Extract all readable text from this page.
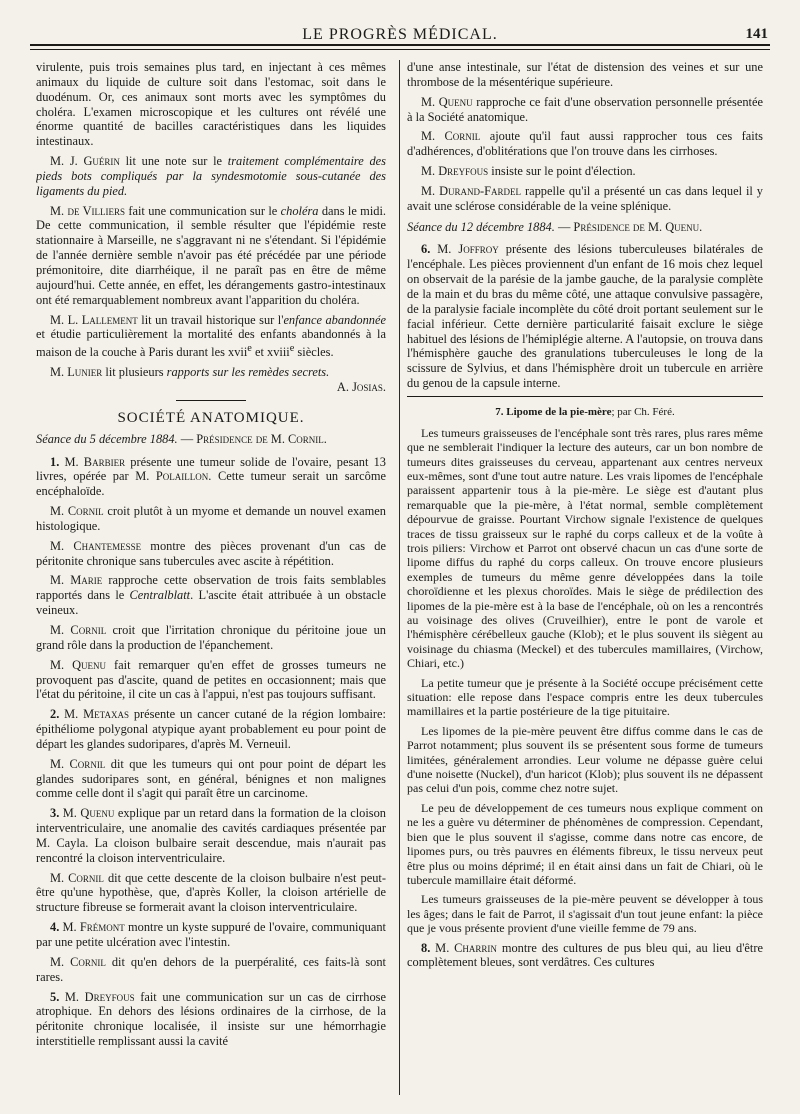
LE PROGRÈS MÉDICAL.	141

virulente, puis trois semaines plus tard, en injectant à ces mêmes animaux du liquide de culture soit dans l'estomac, soit dans le duodénum. Or, ces animaux sont morts avec les symptômes du choléra. L'examen microscopique et les cultures ont révélé une énorme quantité de bacilles caractéristiques dans les liquides intestinaux.

M. J. Guérin lit une note sur le traitement complémentaire des pieds bots compliqués par la syndesmotomie sous-cutanée des ligaments du pied.

M. de Villiers fait une communication sur le choléra dans le midi. De cette communication, il semble résulter que l'épidémie reste stationnaire à Marseille, ne s'aggravant ni ne s'étendant. Si l'épidémie de l'année dernière semble n'avoir pas été précédée par une période prémonitoire, dite diarrhéique, il ne paraît pas en être de même aujourd'hui. Cette année, en effet, les dérangements gastro-intestinaux ont été remarquablement nombreux avant l'apparition du choléra.

M. L. Lallement lit un travail historique sur l'enfance abandonnée et étudie particulièrement la mortalité des enfants abandonnés à la maison de la couche à Paris durant les xvii$^e$ et xviii$^e$ siècles.

M. Lunier lit plusieurs rapports sur les remèdes secrets.

A. Josias.
SOCIÉTÉ ANATOMIQUE.

Séance du 5 décembre 1884. — Présidence de M. Cornil.

1. M. Barbier présente une tumeur solide de l'ovaire, pesant 13 livres, opérée par M. Polaillon. Cette tumeur serait un sarcôme encéphaloïde.

M. Cornil croit plutôt à un myome et demande un nouvel examen histologique.

M. Chantemesse montre des pièces provenant d'un cas de péritonite chronique sans tubercules avec ascite à répétition.

M. Marie rapproche cette observation de trois faits semblables rapportés dans le Centralblatt. L'ascite était attribuée à un obstacle veineux.

M. Cornil croit que l'irritation chronique du péritoine joue un grand rôle dans la production de l'épanchement.

M. Quenu fait remarquer qu'en effet de grosses tumeurs ne provoquent pas d'ascite, quand de petites en occasionnent; mais que l'état du péritoine, il cite un cas à l'appui, n'est pas toujours suffisant.

2. M. Metaxas présente un cancer cutané de la région lombaire: épithéliome polygonal atypique ayant probablement eu pour point de départ les glandes sudoripares, d'après M. Verneuil.

M. Cornil dit que les tumeurs qui ont pour point de départ les glandes sudoripares sont, en général, bénignes et non malignes comme celle dont il s'agit qui paraît être un carcinome.

3. M. Quenu explique par un retard dans la formation de la cloison interventriculaire, une anomalie des cavités cardiaques présentée par M. Cayla. La cloison bulbaire serait descendue, mais n'aurait pas rencontré la cloison interventriculaire.

M. Cornil dit que cette descente de la cloison bulbaire n'est peut-être qu'une hypothèse, que, d'après Koller, la cloison artérielle de structure fibreuse se formerait avant la cloison interventriculaire.

4. M. Frémont montre un kyste suppuré de l'ovaire, communiquant par une petite ulcération avec l'intestin.

M. Cornil dit qu'en dehors de la puerpéralité, ces faits-là sont rares.

5. M. Dreyfous fait une communication sur un cas de cirrhose atrophique. En dehors des lésions ordinaires de la cirrhose, de la péritonite chronique localisée, il insiste sur une hémorrhagie interstitielle remplissant aussi la cavité

d'une anse intestinale, sur l'état de distension des veines et sur une thrombose de la mésentérique supérieure.

M. Quenu rapproche ce fait d'une observation personnelle présentée à la Société anatomique.

M. Cornil ajoute qu'il faut aussi rapprocher tous ces faits d'adhérences, d'oblitérations que l'on trouve dans les cirrhoses.

M. Dreyfous insiste sur le point d'élection.

M. Durand-Fardel rappelle qu'il a présenté un cas dans lequel il y avait une sclérose considérable de la veine splénique.

Séance du 12 décembre 1884. — Présidence de M. Quenu.

6. M. Joffroy présente des lésions tuberculeuses bilatérales de l'encéphale. Les pièces proviennent d'un enfant de 16 mois chez lequel on observait de la parésie de la jambe gauche, de la paralysie complète de la main et du bras du même côté, une attaque convulsive passagère, de la paralysie faciale incomplète du côté droit portant seulement sur le facial inférieur. Cette dernière particularité faisait exclure le siège habituel des lésions de l'hémiplégie alterne. A l'autopsie, on trouva dans l'hémisphère gauche des granulations tuberculeuses le long de la scissure de Sylvius, et dans l'hémisphère droit un tubercule en arrière du genou de la capsule interne.

7. Lipome de la pie-mère; par Ch. Féré.

Les tumeurs graisseuses de l'encéphale sont très rares, plus rares même que ne semblerait l'indiquer la lecture des auteurs, car un bon nombre de tumeurs dites graisseuses du cerveau, appartenant aux centres nerveux eux-mêmes, sont d'une tout autre nature. Les vrais lipomes de l'encéphale paraissent appartenir tous à la pie-mère. Le siège est d'autant plus remarquable que la pie-mère, à l'état normal, semble complètement dépourvue de graisse. Pourtant Virchow signale l'existence de quelques traces de tissu graisseux sur le raphé du corps calleux et de la voûte à trois piliers: Virchow et Parrot ont observé chacun un cas d'une sorte de lipome diffus du raphé du corps calleux. On trouve encore plusieurs exemples de tumeurs du même genre développées dans la toile choroïdienne et les plexus choroïdes. Mais le siège de prédilection des lipomes de la pie-mère est à la base de l'encéphale, où on les a rencontrés au voisinage des olives (Cruveilhier), entre le pont de varole et l'hémisphère cérébelleux gauche (Klob); et le plus souvent ils siègent au voisinage du chiasma (Meckel) et des tubercules mamillaires, (Virchow, Chiari, etc.)

La petite tumeur que je présente à la Société occupe précisément cette situation: elle repose dans l'espace compris entre les deux tubercules mamillaires et la partie postérieure de la tige pituitaire.

Les lipomes de la pie-mère peuvent être diffus comme dans le cas de Parrot notamment; plus souvent ils se présentent sous forme de tumeurs limitées, généralement arrondies. Leur volume ne dépasse guère celui d'une noisette (Nuckel), d'un haricot (Klob); plus souvent ils ne dépassent pas celui d'un pois, comme chez notre sujet.

Le peu de développement de ces tumeurs nous explique comment on ne les a guère vu déterminer de phénomènes de compression. Cependant, bien que le plus souvent il s'agisse, comme dans notre cas encore, de lipomes purs, ou très pauvres en éléments fibreux, le tissu nerveux peut être plus ou moins déprimé; il en était ainsi dans un fait de Chiari, où le tubercule mamillaire était déformé.

Les tumeurs graisseuses de la pie-mère peuvent se développer à tous les âges; dans le fait de Parrot, il s'agissait d'un tout jeune enfant: la pièce que je vous présente provient d'une vieille femme de 79 ans.

8. M. Charrin montre des cultures de pus bleu qui, au lieu d'être complètement bleues, sont verdâtres. Ces cultures
